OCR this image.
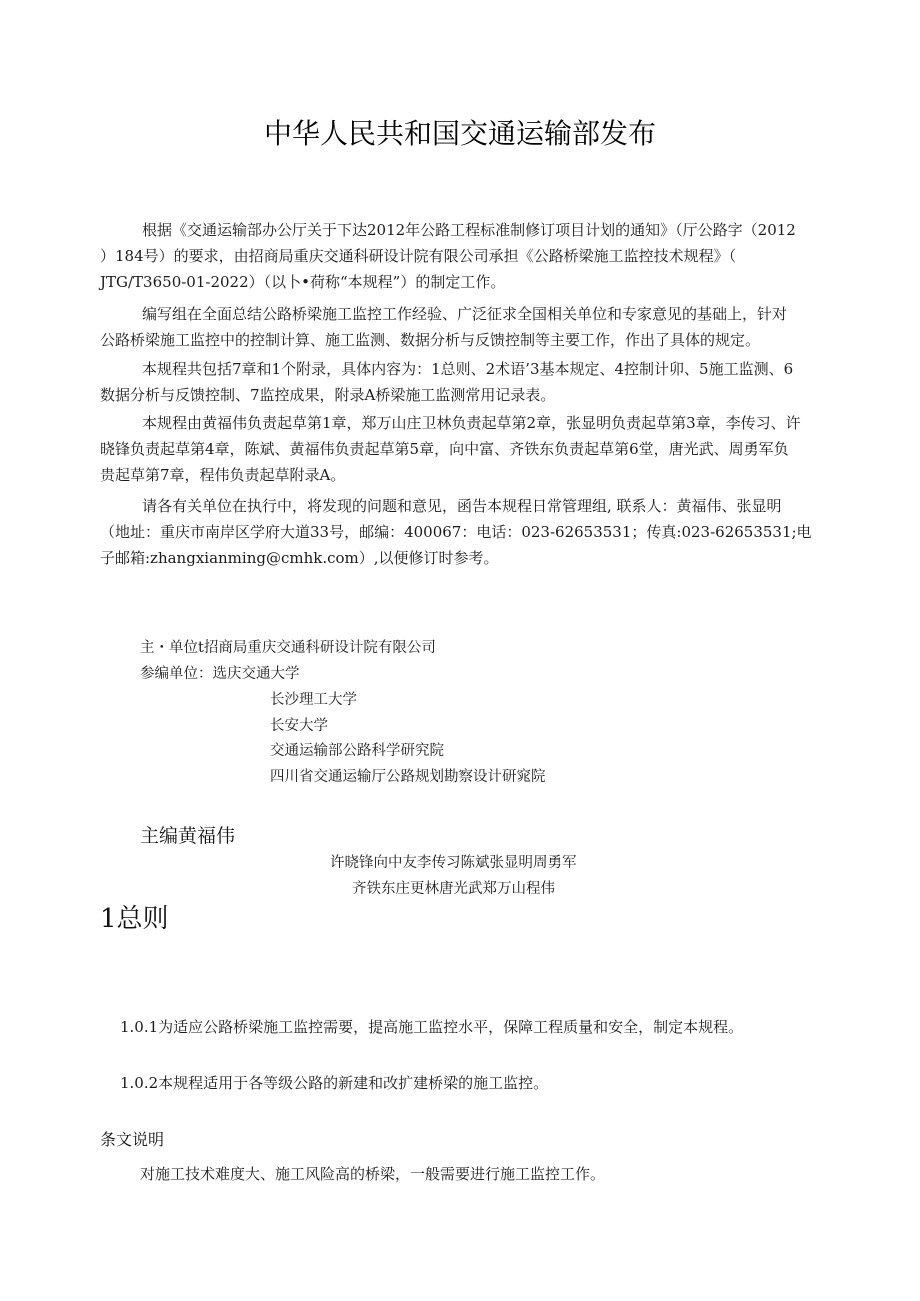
中华人民共和国交通运输部发布
根据《交通运输部办公厅关于下达2012年公路工程标准制修订项目计划的通知》（厅公路字（2012
）184号）的要求，由招商局重庆交通科研设计院有限公司承担《公路桥梁施工监控技术规程》（
JTG/T3650-01-2022）（以卜•荷称“本规程”）的制定工作。
编写组在全面总结公路桥梁施工监控工作经验、广泛征求全国相关单位和专家意见的基础上，针对
公路桥梁施工监控中的控制计算、施工监测、数据分析与反馈控制等主要工作，作出了具体的规定。
本规程共包括7章和1个附录，具体内容为：1总则、2术语’3基本规定、4控制计卯、5施工监测、6
数据分析与反馈控制、7监控成果，附录A桥梁施工监测常用记录表。
本规程由黄福伟负责起草第1章，郑万山庄卫林负责起草第2章，张显明负责起草第3章，李传习、许
晓锋负责起草第4章，陈斌、黄福伟负责起草第5章，向中富、齐铁东负责起草第6堂，唐光武、周勇军负
贵起草第7章，程伟负责起草附录A。
请各有关单位在执行中，将发现的问题和意见，函告本规程日常管理组, 联系人：黄福伟、张显明
（地址：重庆市南岸区学府大道33号，邮编：400067：电话：023-62653531；传真:023-62653531;电
子邮箱:zhangxianming@cmhk.com）,以便修订时参考。
主・单位t招商局重庆交通科研设计院有限公司
参编单位：选庆交通大学
长沙理工大学
长安大学
交通运输部公路科学研究院
四川省交通运输厅公路规划勘察设计研窕院
主编黄福伟
许晓锋向中友李传习陈斌张显明周勇军
齐铁东庄更林唐光武郑万山程伟
1总则
1.0.1为适应公路桥梁施工监控需要，提高施工监控水平，保障工程质量和安全，制定本规程。
1.0.2本规程适用于各等级公路的新建和改扩建桥梁的施工监控。
条文说明
对施工技术难度大、施工风险高的桥梁，一般需要进行施工监控工作。
